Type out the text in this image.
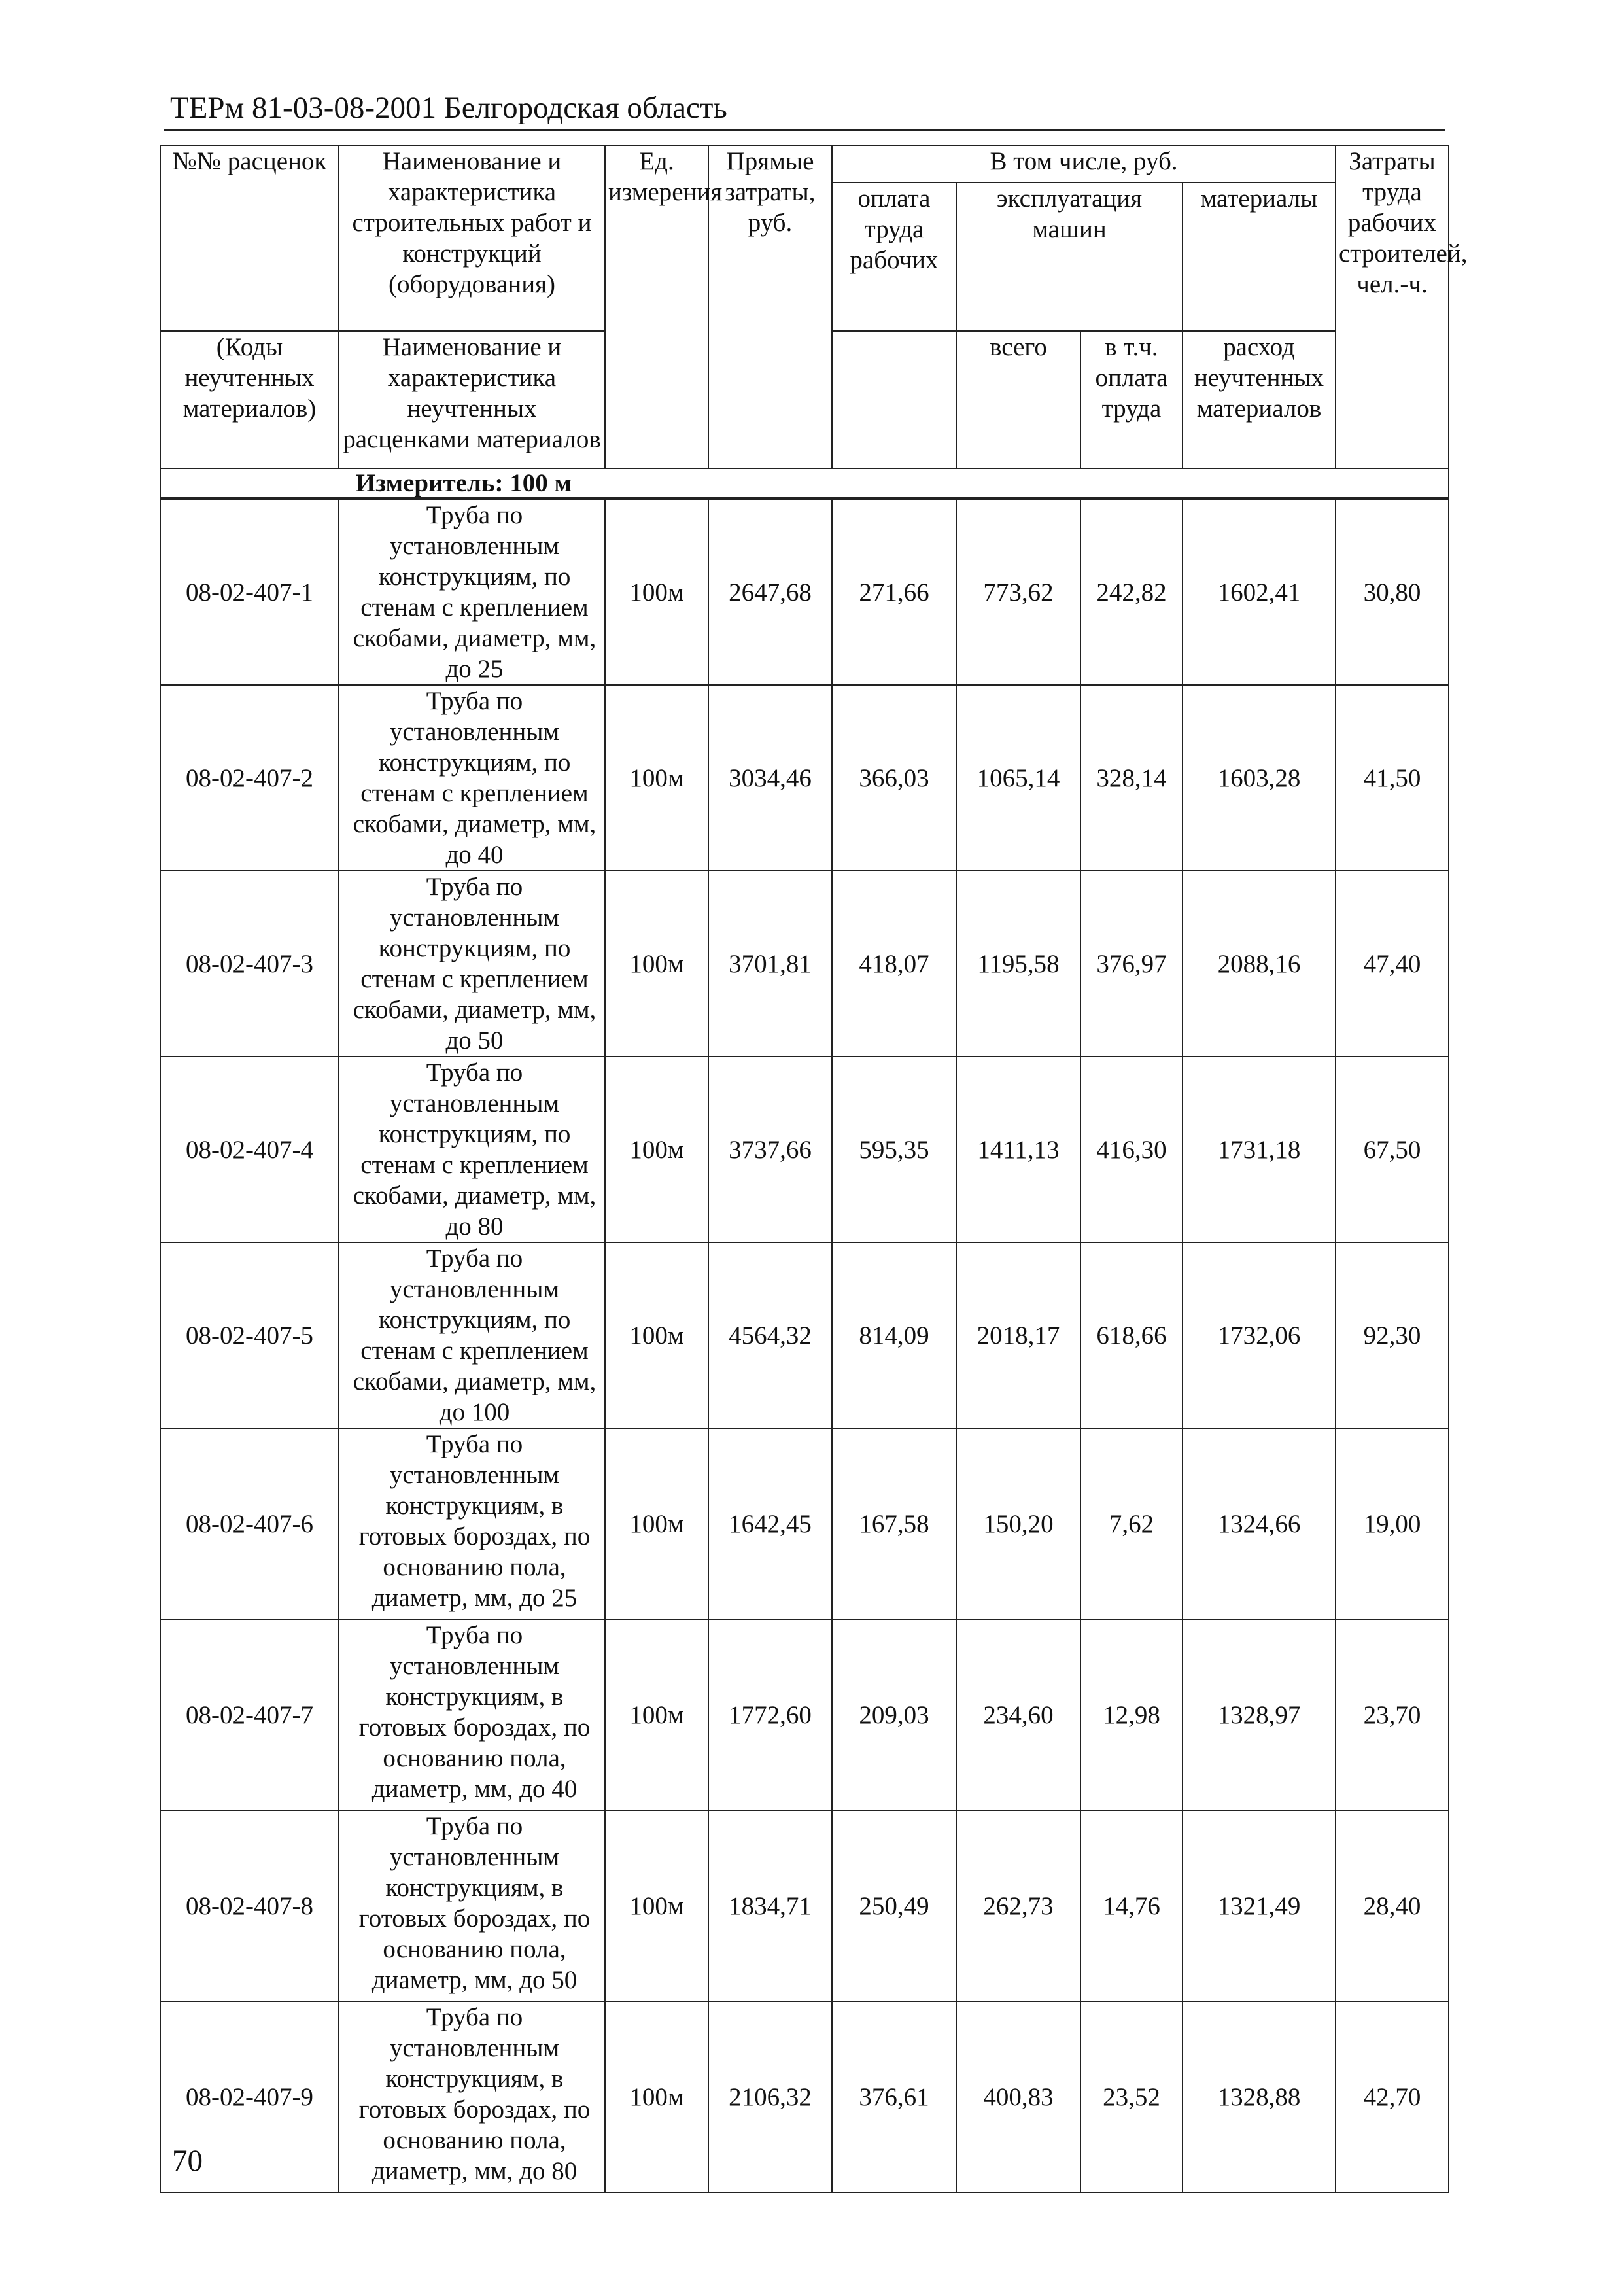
ТЕРм 81-03-08-2001 Белгородская область
№№ расценок	Наименование и характеристика строительных работ и конструкций (оборудования)	Ед. измерения	Прямые затраты, руб.	В том числе, руб.				Затраты труда рабочих строителей, чел.-ч.
				оплата труда рабочих	эксплуатация машин		материалы	
(Коды неучтенных материалов)	Наименование и характеристика неучтенных расценками материалов				всего	в т.ч. оплата труда	расход неучтенных материалов	

Измеритель: 100 м								

08-02-407-1	Труба по установленным конструкциям, по стенам с креплением скобами, диаметр, мм, до 25	100м	2647,68	271,66	773,62	242,82	1602,41	30,80
08-02-407-2	Труба по установленным конструкциям, по стенам с креплением скобами, диаметр, мм, до 40	100м	3034,46	366,03	1065,14	328,14	1603,28	41,50
08-02-407-3	Труба по установленным конструкциям, по стенам с креплением скобами, диаметр, мм, до 50	100м	3701,81	418,07	1195,58	376,97	2088,16	47,40
08-02-407-4	Труба по установленным конструкциям, по стенам с креплением скобами, диаметр, мм, до 80	100м	3737,66	595,35	1411,13	416,30	1731,18	67,50
08-02-407-5	Труба по установленным конструкциям, по стенам с креплением скобами, диаметр, мм, до 100	100м	4564,32	814,09	2018,17	618,66	1732,06	92,30
08-02-407-6	Труба по установленным конструкциям, в готовых бороздах, по основанию пола, диаметр, мм, до 25	100м	1642,45	167,58	150,20	7,62	1324,66	19,00
08-02-407-7	Труба по установленным конструкциям, в готовых бороздах, по основанию пола, диаметр, мм, до 40	100м	1772,60	209,03	234,60	12,98	1328,97	23,70
08-02-407-8	Труба по установленным конструкциям, в готовых бороздах, по основанию пола, диаметр, мм, до 50	100м	1834,71	250,49	262,73	14,76	1321,49	28,40
08-02-407-9	Труба по установленным конструкциям, в готовых бороздах, по основанию пола, диаметр, мм, до 80	100м	2106,32	376,61	400,83	23,52	1328,88	42,70
70
